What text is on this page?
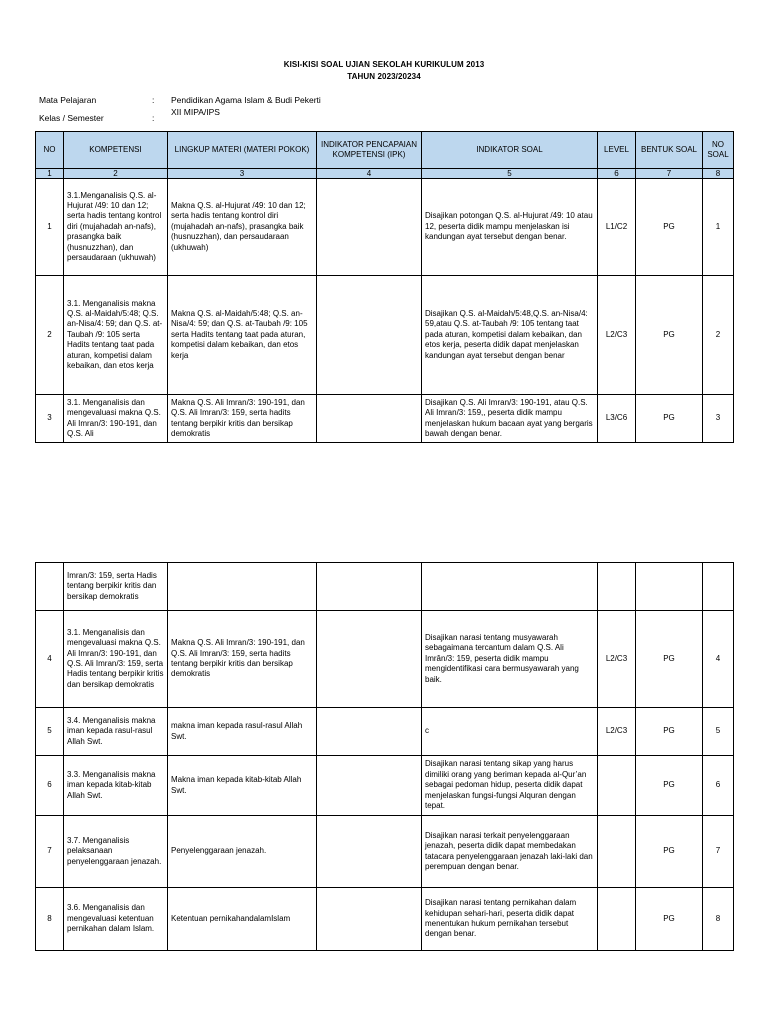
KISI-KISI SOAL UJIAN SEKOLAH KURIKULUM 2013
TAHUN 2023/20234
Mata Pelajaran	: Pendidikan Agama Islam & Budi Pekerti
Kelas / Semester	:
XII MIPA/IPS
NO	KOMPETENSI	LINGKUP MATERI (MATERI POKOK)	INDIKATOR PENCAPAIAN KOMPETENSI (IPK)	INDIKATOR SOAL	LEVEL	BENTUK SOAL	NO SOAL
1	2	3	4	5	6	7	8
1	3.1.Menganalisis Q.S. al-Hujurat /49: 10 dan 12; serta hadis tentang kontrol diri (mujahadah an-nafs), prasangka baik (husnuzzhan), dan persaudaraan (ukhuwah)	Makna Q.S. al-Hujurat /49: 10 dan 12; serta hadis tentang kontrol diri (mujahadah an-nafs), prasangka baik (husnuzzhan), dan persaudaraan (ukhuwah)		Disajikan potongan Q.S. al-Hujurat /49: 10 atau 12, peserta didik mampu menjelaskan isi kandungan ayat tersebut dengan benar.	L1/C2	PG	1
2	3.1. Menganalisis makna Q.S. al-Maidah/5:48; Q.S. an-Nisa/4: 59; dan Q.S. at-Taubah /9: 105 serta Hadits tentang taat pada aturan, kompetisi dalam kebaikan, dan etos kerja	Makna Q.S. al-Maidah/5:48; Q.S. an-Nisa/4: 59; dan Q.S. at-Taubah /9: 105 serta Hadits tentang taat pada aturan, kompetisi dalam kebaikan, dan etos kerja		Disajikan Q.S. al-Maidah/5:48,Q.S. an-Nisa/4: 59,atau Q.S. at-Taubah /9: 105 tentang taat pada aturan, kompetisi dalam kebaikan, dan etos kerja, peserta didik dapat menjelaskan kandungan ayat tersebut dengan benar	L2/C3	PG	2
3	3.1. Menganalisis dan mengevaluasi makna Q.S. Ali Imran/3: 190-191, dan Q.S. Ali	Makna Q.S. Ali Imran/3: 190-191, dan Q.S. Ali Imran/3: 159, serta hadits tentang berpikir kritis dan bersikap demokratis		Disajikan Q.S. Ali Imran/3: 190-191, atau Q.S. Ali Imran/3: 159,, peserta didik mampu menjelaskan hukum bacaan ayat yang bergaris bawah dengan benar.	L3/C6	PG	3
	Imran/3: 159, serta Hadis tentang berpikir kritis dan bersikap demokratis						
4	3.1. Menganalisis dan mengevaluasi makna Q.S. Ali Imran/3: 190-191, dan Q.S. Ali Imran/3: 159, serta Hadis tentang berpikir kritis dan bersikap demokratis	Makna Q.S. Ali Imran/3: 190-191, dan Q.S. Ali Imran/3: 159, serta hadits tentang berpikir kritis dan bersikap demokratis		Disajikan narasi tentang musyawarah sebagaimana tercantum dalam Q.S. Ali Imrân/3: 159, peserta didik mampu mengidentifikasi cara bermusyawarah yang baik.	L2/C3	PG	4
5	3.4. Menganalisis makna iman kepada rasul-rasul Allah Swt.	makna iman kepada rasul-rasul Allah Swt.		c	L2/C3	PG	5
6	3.3. Menganalisis makna iman kepada kitab-kitab Allah Swt.	Makna iman kepada kitab-kitab Allah Swt.		Disajikan narasi tentang sikap yang harus dimiliki orang yang beriman kepada al-Qur’an sebagai pedoman hidup, peserta didik dapat menjelaskan fungsi-fungsi Alquran dengan tepat.		PG	6
7	3.7. Menganalisis pelaksanaan penyelenggaraan jenazah.	Penyelenggaraan jenazah.		Disajikan narasi terkait penyelenggaraan jenazah, peserta didik dapat membedakan tatacara penyelenggaraan jenazah laki-laki dan perempuan dengan benar.		PG	7
8	3.6. Menganalisis dan mengevaluasi ketentuan pernikahan dalam Islam.	Ketentuan pernikahandalamIslam		Disajikan narasi tentang pernikahan dalam kehidupan sehari-hari, peserta didik dapat menentukan hukum pernikahan tersebut dengan benar.		PG	8
